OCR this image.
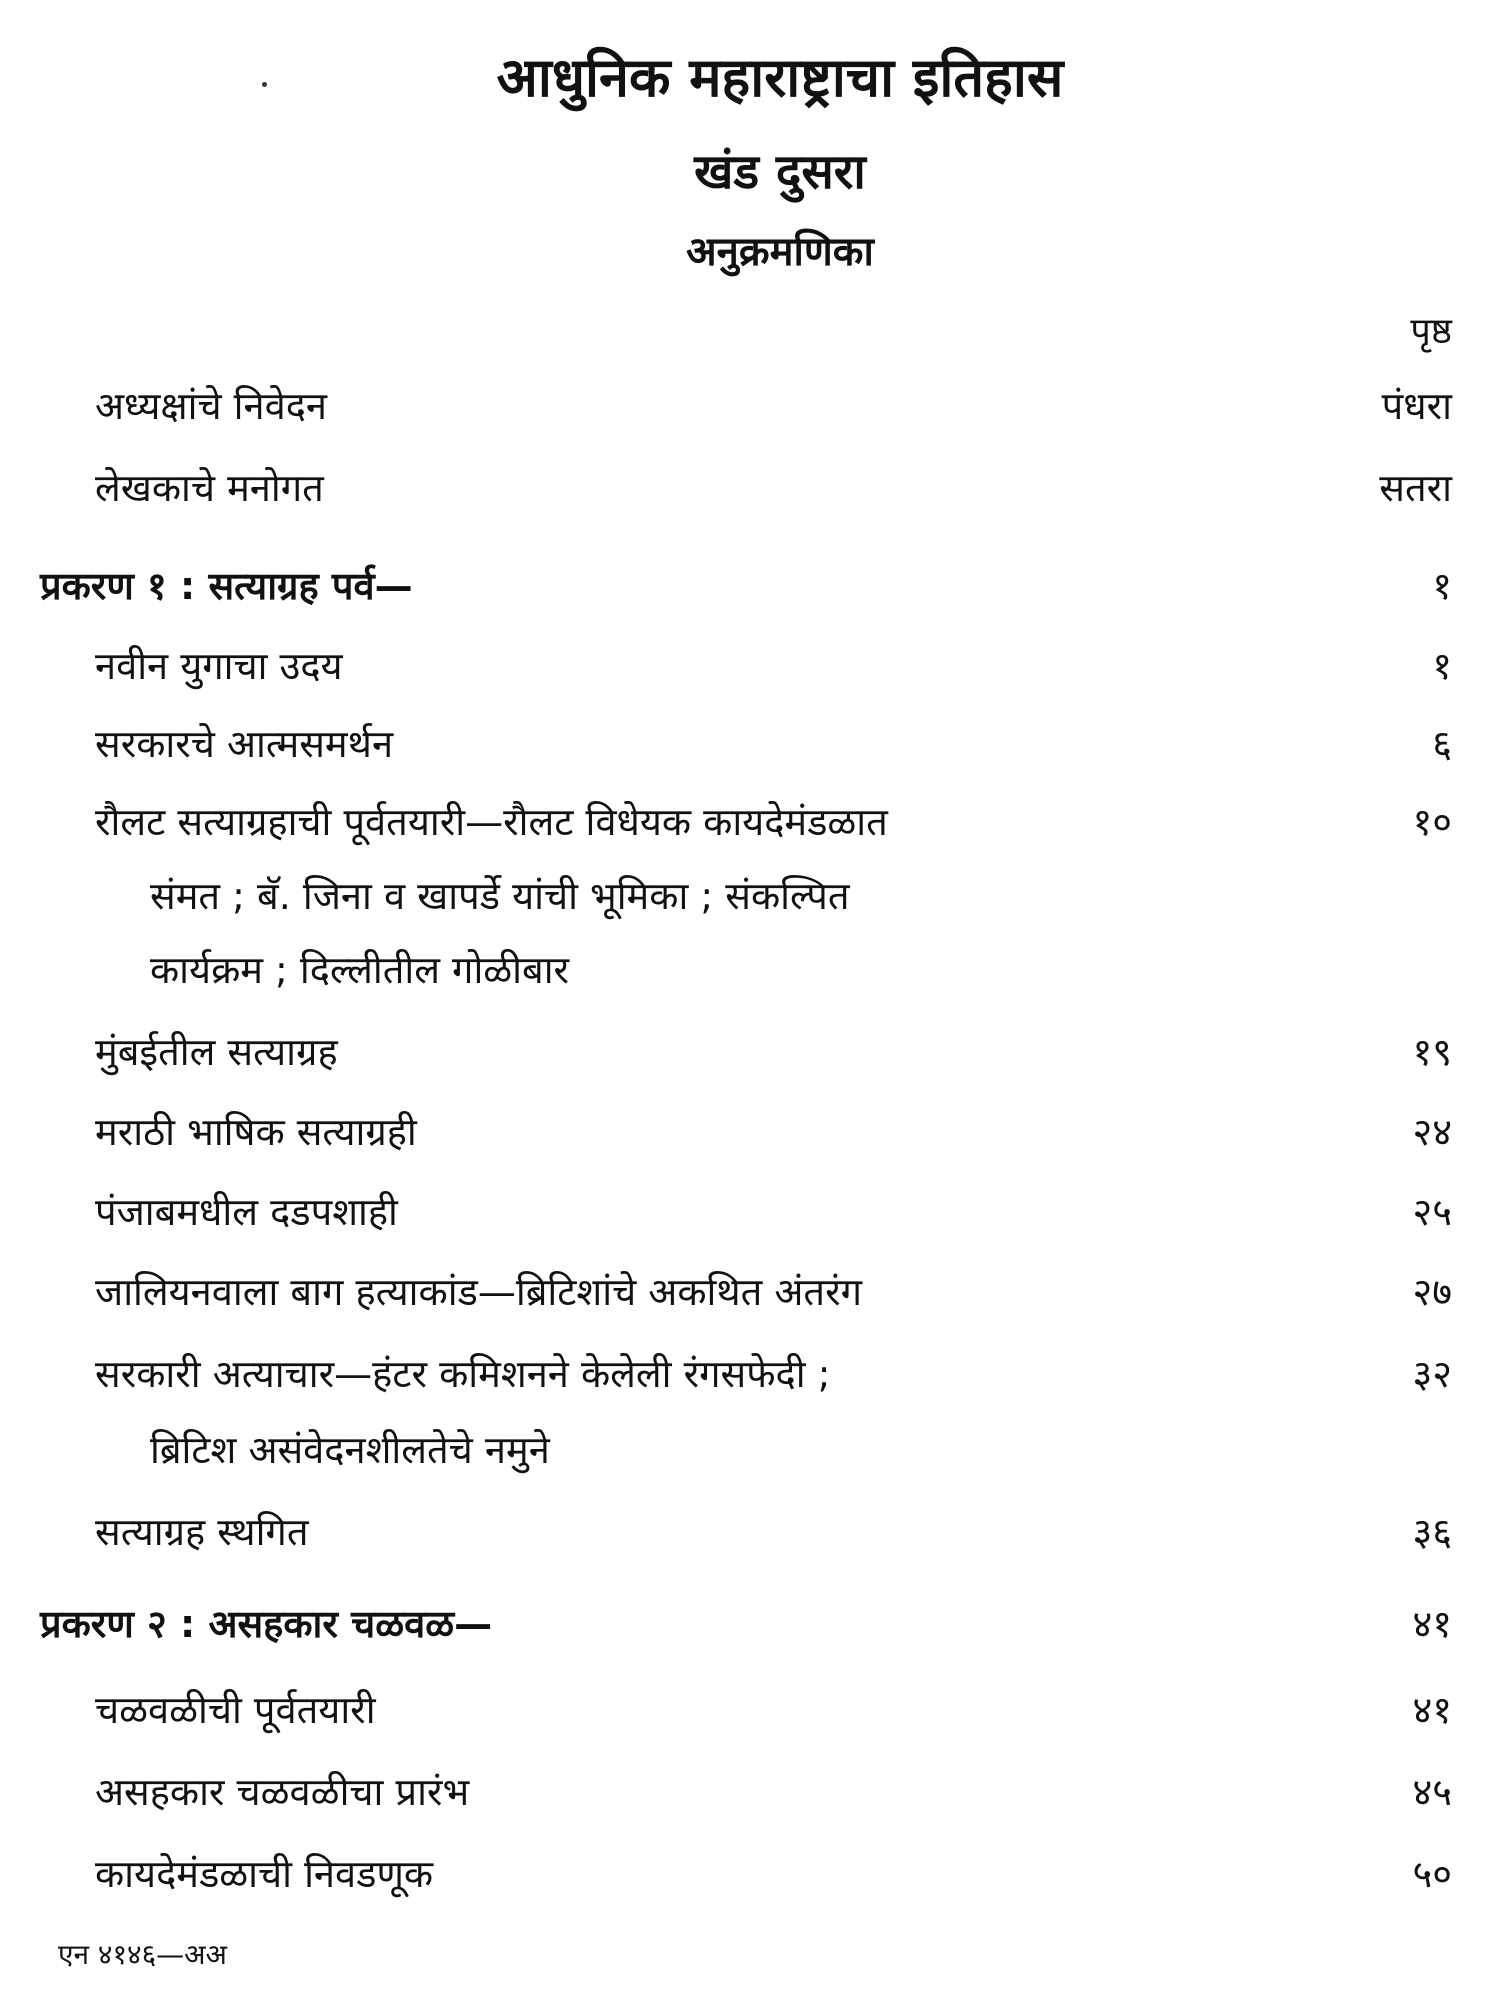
आधुनिक महाराष्ट्राचा इतिहास
खंड दुसरा
अनुक्रमणिका
पृष्ठ
अध्यक्षांचे निवेदन	पंधरा
लेखकाचे मनोगत	सतरा
प्रकरण १ : सत्याग्रह पर्व—	१
नवीन युगाचा उदय	१
सरकारचे आत्मसमर्थन	६
रौलट सत्याग्रहाची पूर्वतयारी—रौलट विधेयक कायदेमंडळात	१०
संमत ; बॅ. जिना व खापर्डे यांची भूमिका ; संकल्पित
कार्यक्रम ; दिल्लीतील गोळीबार
मुंबईतील सत्याग्रह	१९
मराठी भाषिक सत्याग्रही	२४
पंजाबमधील दडपशाही	२५
जालियनवाला बाग हत्याकांड—ब्रिटिशांचे अकथित अंतरंग	२७
सरकारी अत्याचार—हंटर कमिशनने केलेली रंगसफेदी ;	३२
ब्रिटिश असंवेदनशीलतेचे नमुने
सत्याग्रह स्थगित	३६
प्रकरण २ : असहकार चळवळ—	४१
चळवळीची पूर्वतयारी	४१
असहकार चळवळीचा प्रारंभ	४५
कायदेमंडळाची निवडणूक	५०
एन ४१४६—अअ
